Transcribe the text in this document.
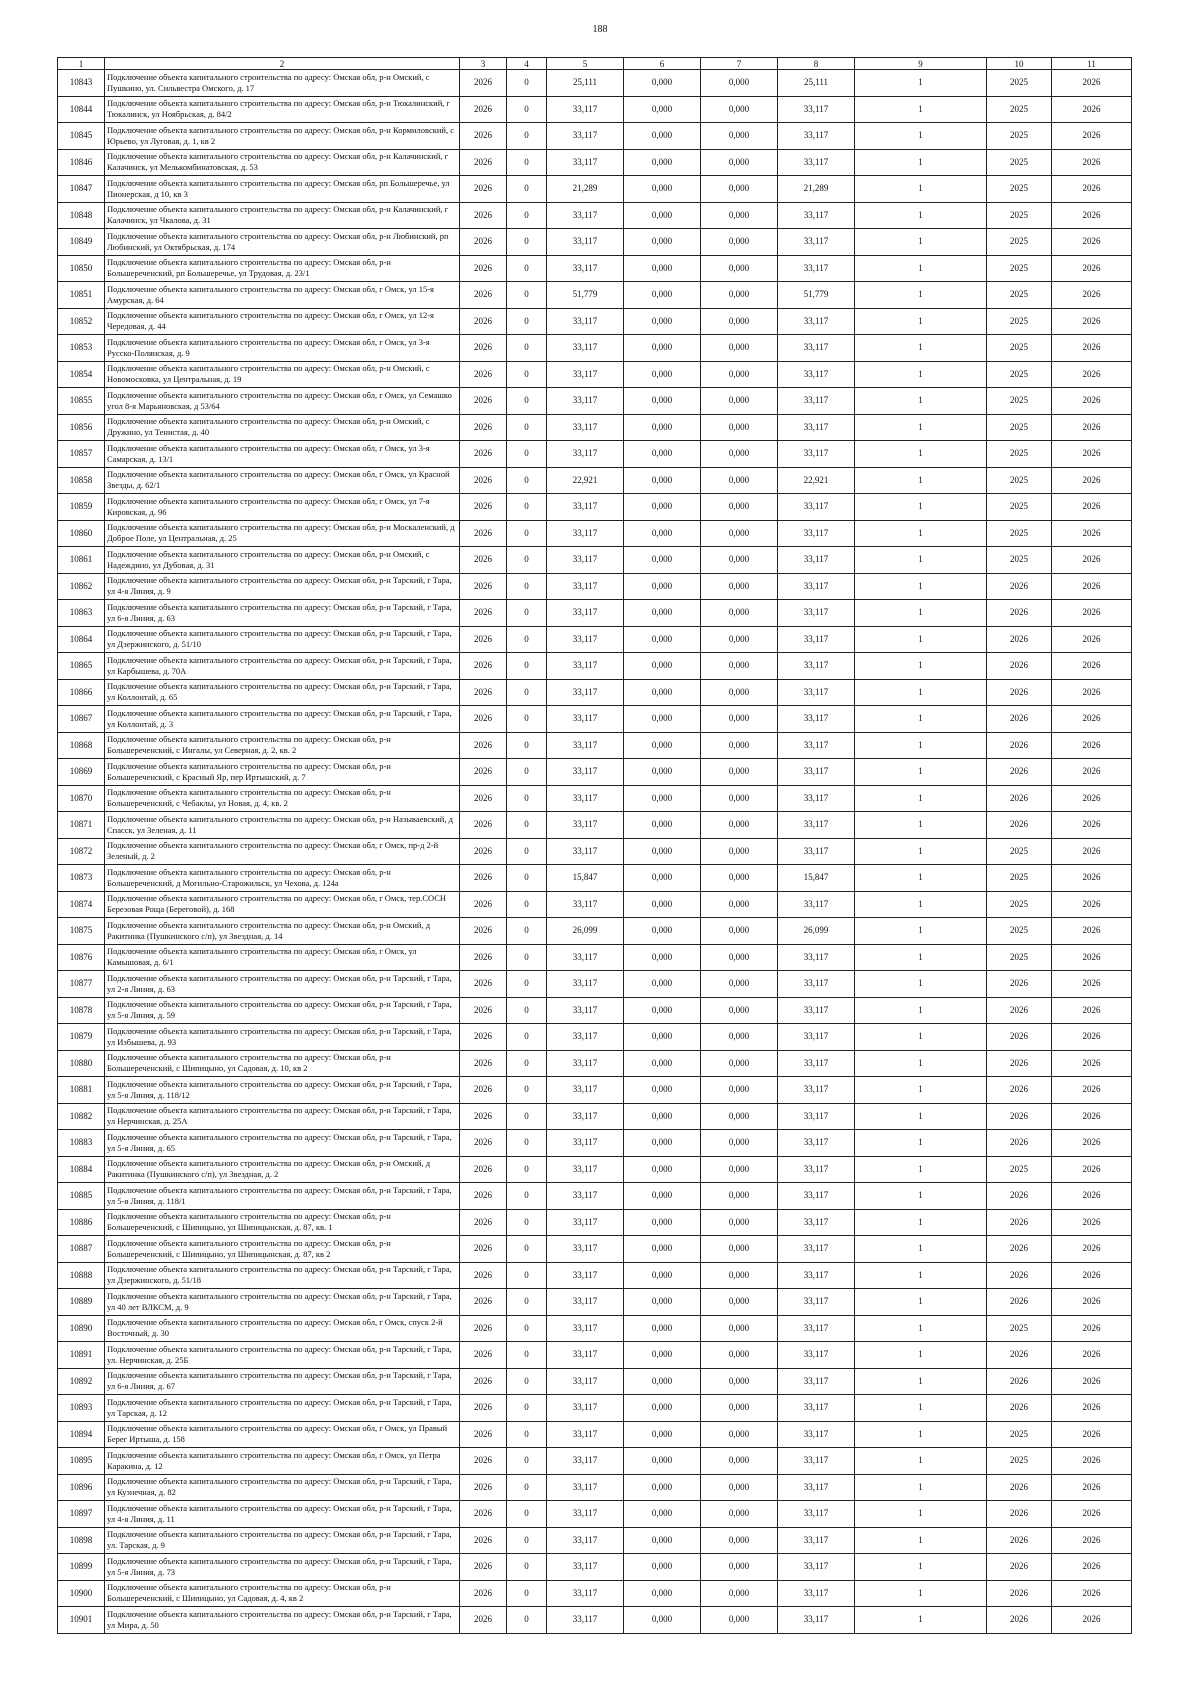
188
1	2	3	4	5	6	7	8	9	10	11
10843	Подключение объекта капитального строительства по адресу: Омская обл, р-н Омский, с Пушкино, ул. Сильвестра Омского, д. 17	2026	0	25,111	0,000	0,000	25,111	1	2025	2026
10844	Подключение объекта капитального строительства по адресу: Омская обл, р-н Тюкалинский, г Тюкалинск, ул Ноябрьская, д. 84/2	2026	0	33,117	0,000	0,000	33,117	1	2025	2026
10845	Подключение объекта капитального строительства по адресу: Омская обл, р-н Кормиловский, с Юрьево, ул Луговая, д. 1, кв 2	2026	0	33,117	0,000	0,000	33,117	1	2025	2026
10846	Подключение объекта капитального строительства по адресу: Омская обл, р-н Калачинский, г Калачинск, ул Мелькомбинатовская, д. 53	2026	0	33,117	0,000	0,000	33,117	1	2025	2026
10847	Подключение объекта капитального строительства по адресу: Омская обл, рп Большеречье, ул Пионерская, д 10, кв 3	2026	0	21,289	0,000	0,000	21,289	1	2025	2026
10848	Подключение объекта капитального строительства по адресу: Омская обл, р-н Калачинский, г Калачинск, ул Чкалова, д. 31	2026	0	33,117	0,000	0,000	33,117	1	2025	2026
10849	Подключение объекта капитального строительства по адресу: Омская обл, р-н Любинский, рп Любинский, ул Октябрьская, д. 174	2026	0	33,117	0,000	0,000	33,117	1	2025	2026
10850	Подключение объекта капитального строительства по адресу: Омская обл, р-н Большереченский, рп Большеречье, ул Трудовая, д. 23/1	2026	0	33,117	0,000	0,000	33,117	1	2025	2026
10851	Подключение объекта капитального строительства по адресу: Омская обл, г Омск, ул 15-я Амурская, д. 64	2026	0	51,779	0,000	0,000	51,779	1	2025	2026
10852	Подключение объекта капитального строительства по адресу: Омская обл, г Омск, ул 12-я Чередовая, д. 44	2026	0	33,117	0,000	0,000	33,117	1	2025	2026
10853	Подключение объекта капитального строительства по адресу: Омская обл, г Омск, ул 3-я Русско-Полянская, д. 9	2026	0	33,117	0,000	0,000	33,117	1	2025	2026
10854	Подключение объекта капитального строительства по адресу: Омская обл, р-н Омский, с Новомосковка, ул Центральная, д. 19	2026	0	33,117	0,000	0,000	33,117	1	2025	2026
10855	Подключение объекта капитального строительства по адресу: Омская обл, г Омск, ул Семашко угол 8-я Марьяновская, д 53/64	2026	0	33,117	0,000	0,000	33,117	1	2025	2026
10856	Подключение объекта капитального строительства по адресу: Омская обл, р-н Омский, с Дружино, ул Тенистая, д. 40	2026	0	33,117	0,000	0,000	33,117	1	2025	2026
10857	Подключение объекта капитального строительства по адресу: Омская обл, г Омск, ул 3-я Самарская, д. 13/1	2026	0	33,117	0,000	0,000	33,117	1	2025	2026
10858	Подключение объекта капитального строительства по адресу: Омская обл, г Омск, ул Красной Звезды, д. 62/1	2026	0	22,921	0,000	0,000	22,921	1	2025	2026
10859	Подключение объекта капитального строительства по адресу: Омская обл, г Омск, ул 7-я Кировская, д. 96	2026	0	33,117	0,000	0,000	33,117	1	2025	2026
10860	Подключение объекта капитального строительства по адресу: Омская обл, р-н Москаленский, д Доброе Поле, ул Центральная, д. 25	2026	0	33,117	0,000	0,000	33,117	1	2025	2026
10861	Подключение объекта капитального строительства по адресу: Омская обл, р-н Омский, с Надеждино, ул Дубовая, д. 31	2026	0	33,117	0,000	0,000	33,117	1	2025	2026
10862	Подключение объекта капитального строительства по адресу: Омская обл, р-н Тарский, г Тара, ул 4-я Линия, д. 9	2026	0	33,117	0,000	0,000	33,117	1	2026	2026
10863	Подключение объекта капитального строительства по адресу: Омская обл, р-н Тарский, г Тара, ул 6-я Линия, д. 63	2026	0	33,117	0,000	0,000	33,117	1	2026	2026
10864	Подключение объекта капитального строительства по адресу: Омская обл, р-н Тарский, г Тара, ул Дзержинского, д. 51/10	2026	0	33,117	0,000	0,000	33,117	1	2026	2026
10865	Подключение объекта капитального строительства по адресу: Омская обл, р-н Тарский, г Тара, ул Карбышева, д. 70А	2026	0	33,117	0,000	0,000	33,117	1	2026	2026
10866	Подключение объекта капитального строительства по адресу: Омская обл, р-н Тарский, г Тара, ул Коллонтай, д. 65	2026	0	33,117	0,000	0,000	33,117	1	2026	2026
10867	Подключение объекта капитального строительства по адресу: Омская обл, р-н Тарский, г Тара, ул Коллонтай, д. 3	2026	0	33,117	0,000	0,000	33,117	1	2026	2026
10868	Подключение объекта капитального строительства по адресу: Омская обл, р-н Большереченский, с Ингалы, ул Северная, д. 2, кв. 2	2026	0	33,117	0,000	0,000	33,117	1	2026	2026
10869	Подключение объекта капитального строительства по адресу: Омская обл, р-н Большереченский, с Красный Яр, пер Иртышский, д. 7	2026	0	33,117	0,000	0,000	33,117	1	2026	2026
10870	Подключение объекта капитального строительства по адресу: Омская обл, р-н Большереченский, с Чебаклы, ул Новая, д. 4, кв. 2	2026	0	33,117	0,000	0,000	33,117	1	2026	2026
10871	Подключение объекта капитального строительства по адресу: Омская обл, р-н Называевский, д Спасск, ул Зеленая, д. 11	2026	0	33,117	0,000	0,000	33,117	1	2026	2026
10872	Подключение объекта капитального строительства по адресу: Омская обл, г Омск, пр-д 2-й Зеленый, д. 2	2026	0	33,117	0,000	0,000	33,117	1	2025	2026
10873	Подключение объекта капитального строительства по адресу: Омская обл, р-н Большереченский, д Могильно-Старожильск, ул Чехова, д. 124а	2026	0	15,847	0,000	0,000	15,847	1	2025	2026
10874	Подключение объекта капитального строительства по адресу: Омская обл, г Омск, тер.СОСН Березовая Роща (Береговой), д. 168	2026	0	33,117	0,000	0,000	33,117	1	2025	2026
10875	Подключение объекта капитального строительства по адресу: Омская обл, р-н Омский, д Ракитинка (Пушкинского с/п), ул Звездная, д. 14	2026	0	26,099	0,000	0,000	26,099	1	2025	2026
10876	Подключение объекта капитального строительства по адресу: Омская обл, г Омск, ул Камышовая, д. 6/1	2026	0	33,117	0,000	0,000	33,117	1	2025	2026
10877	Подключение объекта капитального строительства по адресу: Омская обл, р-н Тарский, г Тара, ул 2-я Линия, д. 63	2026	0	33,117	0,000	0,000	33,117	1	2026	2026
10878	Подключение объекта капитального строительства по адресу: Омская обл, р-н Тарский, г Тара, ул 5-я Линия, д. 59	2026	0	33,117	0,000	0,000	33,117	1	2026	2026
10879	Подключение объекта капитального строительства по адресу: Омская обл, р-н Тарский, г Тара, ул Избышева, д. 93	2026	0	33,117	0,000	0,000	33,117	1	2026	2026
10880	Подключение объекта капитального строительства по адресу: Омская обл, р-н Большереченский, с Шипицыно, ул Садовая, д. 10, кв 2	2026	0	33,117	0,000	0,000	33,117	1	2026	2026
10881	Подключение объекта капитального строительства по адресу: Омская обл, р-н Тарский, г Тара, ул 5-я Линия, д. 118/12	2026	0	33,117	0,000	0,000	33,117	1	2026	2026
10882	Подключение объекта капитального строительства по адресу: Омская обл, р-н Тарский, г Тара, ул Нерчинская, д. 25А	2026	0	33,117	0,000	0,000	33,117	1	2026	2026
10883	Подключение объекта капитального строительства по адресу: Омская обл, р-н Тарский, г Тара, ул 5-я Линия, д. 65	2026	0	33,117	0,000	0,000	33,117	1	2026	2026
10884	Подключение объекта капитального строительства по адресу: Омская обл, р-н Омский, д Ракитинка (Пушкинского с/п), ул Звездная, д. 2	2026	0	33,117	0,000	0,000	33,117	1	2025	2026
10885	Подключение объекта капитального строительства по адресу: Омская обл, р-н Тарский, г Тара, ул 5-я Линия, д. 118/1	2026	0	33,117	0,000	0,000	33,117	1	2026	2026
10886	Подключение объекта капитального строительства по адресу: Омская обл, р-н Большереченский, с Шипицыно, ул Шипицынская, д. 87, кв. 1	2026	0	33,117	0,000	0,000	33,117	1	2026	2026
10887	Подключение объекта капитального строительства по адресу: Омская обл, р-н Большереченский, с Шипицыно, ул Шипицынская, д. 87, кв 2	2026	0	33,117	0,000	0,000	33,117	1	2026	2026
10888	Подключение объекта капитального строительства по адресу: Омская обл, р-н Тарский, г Тара, ул Дзержинского, д. 51/18	2026	0	33,117	0,000	0,000	33,117	1	2026	2026
10889	Подключение объекта капитального строительства по адресу: Омская обл, р-н Тарский, г Тара, ул 40 лет ВЛКСМ, д. 9	2026	0	33,117	0,000	0,000	33,117	1	2026	2026
10890	Подключение объекта капитального строительства по адресу: Омская обл, г Омск, спуск 2-й Восточный, д. 30	2026	0	33,117	0,000	0,000	33,117	1	2025	2026
10891	Подключение объекта капитального строительства по адресу: Омская обл, р-н Тарский, г Тара, ул. Нерчинская, д. 25Б	2026	0	33,117	0,000	0,000	33,117	1	2026	2026
10892	Подключение объекта капитального строительства по адресу: Омская обл, р-н Тарский, г Тара, ул 6-я Линия, д. 67	2026	0	33,117	0,000	0,000	33,117	1	2026	2026
10893	Подключение объекта капитального строительства по адресу: Омская обл, р-н Тарский, г Тара, ул Тарская, д. 12	2026	0	33,117	0,000	0,000	33,117	1	2026	2026
10894	Подключение объекта капитального строительства по адресу: Омская обл, г Омск, ул Правый Берег Иртыша, д. 158	2026	0	33,117	0,000	0,000	33,117	1	2025	2026
10895	Подключение объекта капитального строительства по адресу: Омская обл, г Омск, ул Петра Каракина, д. 12	2026	0	33,117	0,000	0,000	33,117	1	2025	2026
10896	Подключение объекта капитального строительства по адресу: Омская обл, р-н Тарский, г Тара, ул Кузнечная, д. 82	2026	0	33,117	0,000	0,000	33,117	1	2026	2026
10897	Подключение объекта капитального строительства по адресу: Омская обл, р-н Тарский, г Тара, ул 4-я Линия, д. 11	2026	0	33,117	0,000	0,000	33,117	1	2026	2026
10898	Подключение объекта капитального строительства по адресу: Омская обл, р-н Тарский, г Тара, ул. Тарская, д. 9	2026	0	33,117	0,000	0,000	33,117	1	2026	2026
10899	Подключение объекта капитального строительства по адресу: Омская обл, р-н Тарский, г Тара, ул 5-я Линия, д. 73	2026	0	33,117	0,000	0,000	33,117	1	2026	2026
10900	Подключение объекта капитального строительства по адресу: Омская обл, р-н Большереченский, с Шипицыно, ул Садовая, д. 4, кв 2	2026	0	33,117	0,000	0,000	33,117	1	2026	2026
10901	Подключение объекта капитального строительства по адресу: Омская обл, р-н Тарский, г Тара, ул Мира, д. 50	2026	0	33,117	0,000	0,000	33,117	1	2026	2026
